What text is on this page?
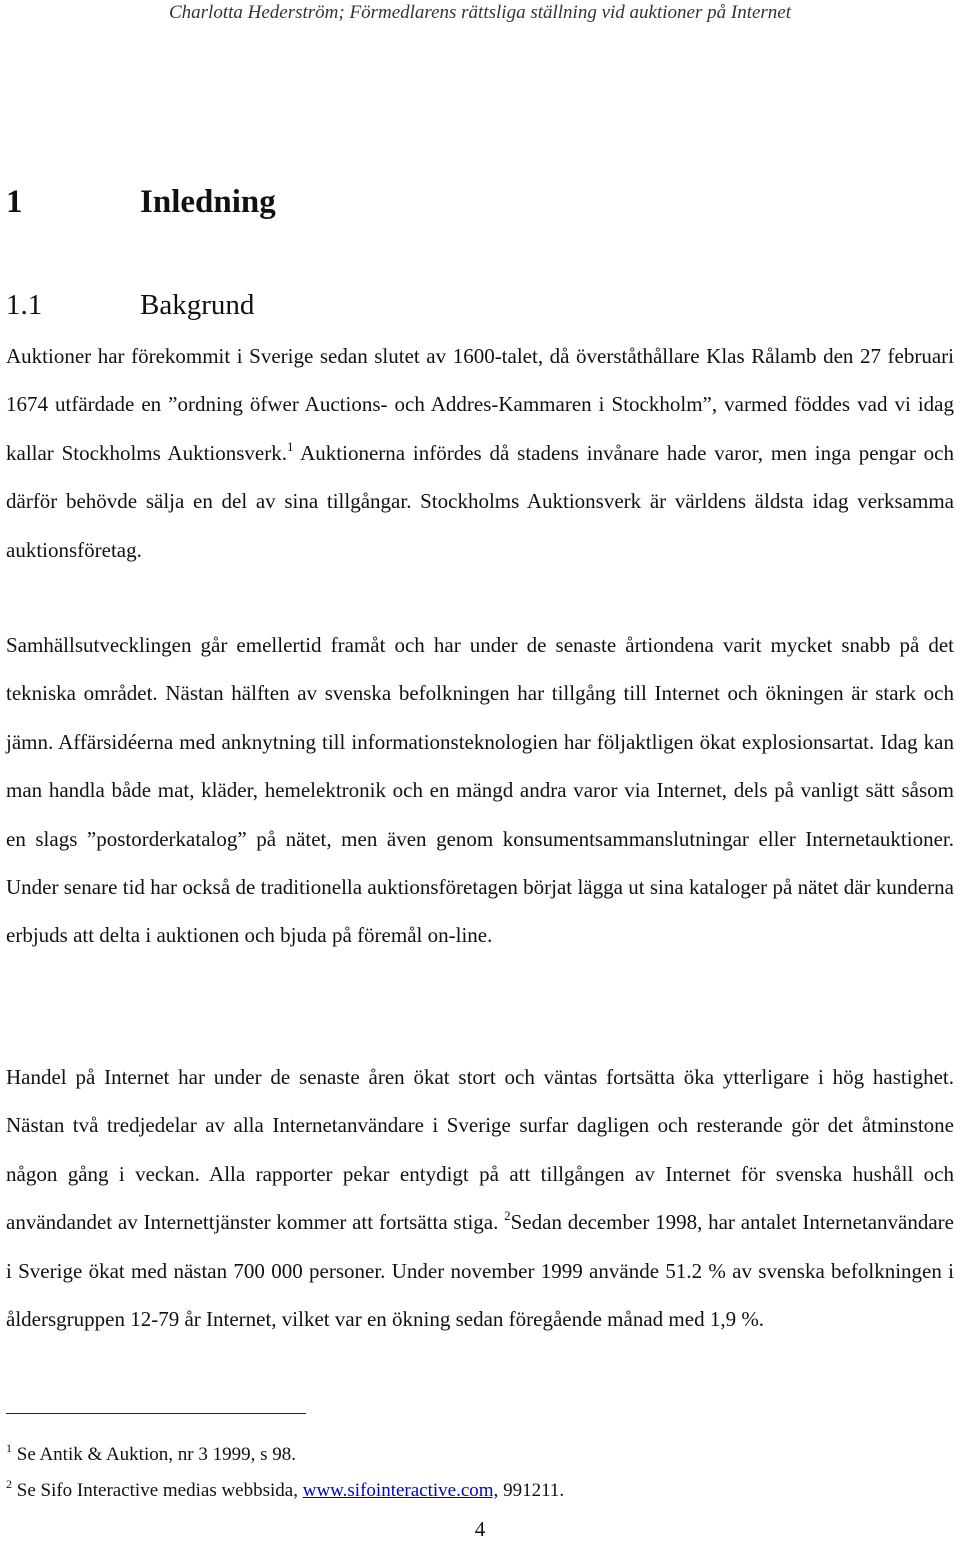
Charlotta Hederström; Förmedlarens rättsliga ställning vid auktioner på Internet
1	Inledning
1.1	Bakgrund

Auktioner har förekommit i Sverige sedan slutet av 1600-talet, då överståthållare Klas Rålamb den 27 februari 1674 utfärdade en ”ordning öfwer Auctions- och Addres-Kammaren i Stockholm”, varmed föddes vad vi idag kallar Stockholms Auktionsverk.$^1$ Auktionerna infördes då stadens invånare hade varor, men inga pengar och därför behövde sälja en del av sina tillgångar. Stockholms Auktionsverk är världens äldsta idag verksamma auktionsföretag.

Samhällsutvecklingen går emellertid framåt och har under de senaste årtiondena varit mycket snabb på det tekniska området. Nästan hälften av svenska befolkningen har tillgång till Internet och ökningen är stark och jämn. Affärsidéerna med anknytning till informationsteknologien har följaktligen ökat explosionsartat. Idag kan man handla både mat, kläder, hemelektronik och en mängd andra varor via Internet, dels på vanligt sätt såsom en slags ”postorderkatalog” på nätet, men även genom konsumentsammanslutningar eller Internetauktioner. Under senare tid har också de traditionella auktionsföretagen börjat lägga ut sina kataloger på nätet där kunderna erbjuds att delta i auktionen och bjuda på föremål on-line.

Handel på Internet har under de senaste åren ökat stort och väntas fortsätta öka ytterligare i hög hastighet. Nästan två tredjedelar av alla Internetanvändare i Sverige surfar dagligen och resterande gör det åtminstone någon gång i veckan. Alla rapporter pekar entydigt på att tillgången av Internet för svenska hushåll och användandet av Internettjänster kommer att fortsätta stiga. $^2$Sedan december 1998, har antalet Internetanvändare i Sverige ökat med nästan 700 000 personer. Under november 1999 använde 51.2 % av svenska befolkningen i åldersgruppen 12-79 år Internet, vilket var en ökning sedan föregående månad med 1,9 %.

$^1$ Se Antik & Auktion, nr 3 1999, s 98.
$^2$ Se Sifo Interactive medias webbsida, www.sifointeractive.com, 991211.
4
